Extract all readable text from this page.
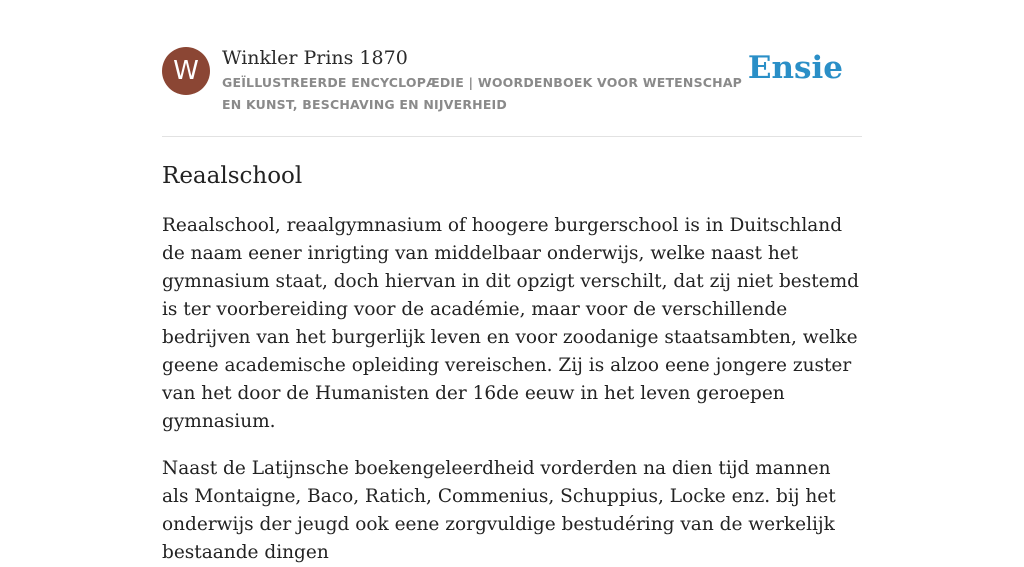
W	Winkler Prins 1870
GEÏLLUSTREERDE ENCYCLOPÆDIE | WOORDENBOEK VOOR WETENSCHAP EN KUNST, BESCHAVING EN NIJVERHEID
Ensie
Reaalschool

Reaalschool, reaalgymnasium of hoogere burgerschool is in Duitschland de naam eener inrigting van middelbaar onderwijs, welke naast het gymnasium staat, doch hiervan in dit opzigt verschilt, dat zij niet bestemd is ter voorbereiding voor de académie, maar voor de verschillende bedrijven van het burgerlijk leven en voor zoodanige staatsambten, welke geene academische opleiding vereischen. Zij is alzoo eene jongere zuster van het door de Humanisten der 16de eeuw in het leven geroepen gymnasium.

Naast de Latijnsche boekengeleerdheid vorderden na dien tijd mannen als Montaigne, Baco, Ratich, Commenius, Schuppius, Locke enz. bij het onderwijs der jeugd ook eene zorgvuldige bestudéring van de werkelijk bestaande dingen
